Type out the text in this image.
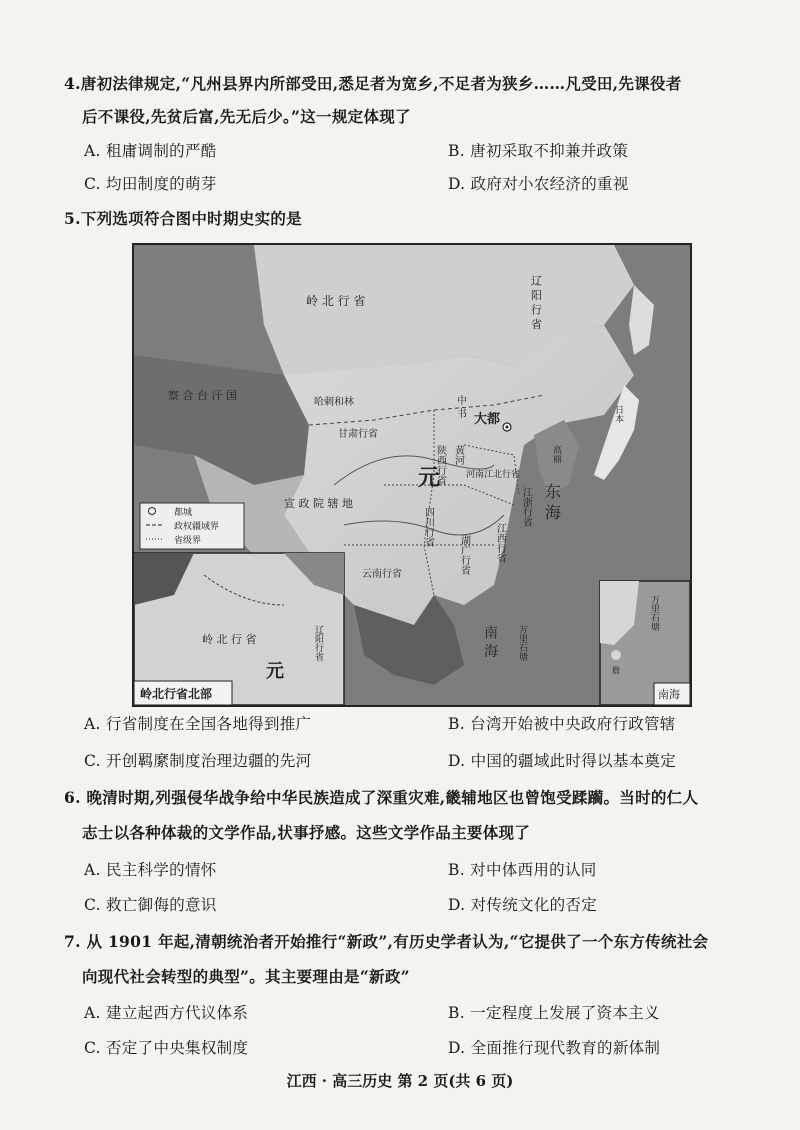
4.唐初法律规定,“凡州县界内所部受田,悉足者为宽乡,不足者为狭乡……凡受田,先课役者
后不课役,先贫后富,先无后少。”这一规定体现了
A. 租庸调制的严酷	B. 唐初采取不抑兼并政策
C. 均田制度的萌芽	D. 政府对小农经济的重视
5.下列选项符合图中时期史实的是
都城
政权疆域界
省级界
岭北行省北部
岭 北 行 省
元
辽阳行省
万里石塘
儋
南海
岭 北 行 省	辽 阳 行 省
察 合 台 汗 国
哈剌和林
甘肃行省
中 书
大都
元
陕西行省 黄河
河南江北行省
宣 政 院 辖 地
四川行省	江浙行省
江西行省
湖广行省
云南行省
高丽
日本
东 海
南 海 万里石塘
A. 行省制度在全国各地得到推广	B. 台湾开始被中央政府行政管辖
C. 开创羁縻制度治理边疆的先河	D. 中国的疆域此时得以基本奠定
6. 晚清时期,列强侵华战争给中华民族造成了深重灾难,畿辅地区也曾饱受蹂躏。当时的仁人
志士以各种体裁的文学作品,状事抒感。这些文学作品主要体现了
A. 民主科学的情怀	B. 对中体西用的认同
C. 救亡御侮的意识	D. 对传统文化的否定
7. 从 1901 年起,清朝统治者开始推行“新政”,有历史学者认为,“它提供了一个东方传统社会
向现代社会转型的典型”。其主要理由是“新政”
A. 建立起西方代议体系	B. 一定程度上发展了资本主义
C. 否定了中央集权制度	D. 全面推行现代教育的新体制
江西 · 高三历史 第 2 页(共 6 页)
